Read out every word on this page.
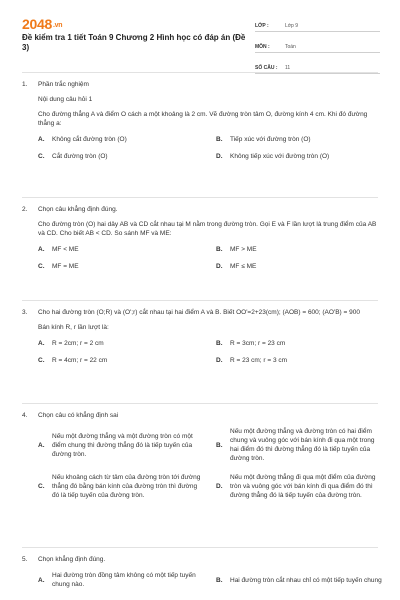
2048.vn
Đề kiểm tra 1 tiết Toán 9 Chương 2 Hình học có đáp án (Đề 3)
LỚP :	Lớp 9
MÔN :	Toán
SỐ CÂU :	11
1.	Phần trắc nghiệm
Nội dung câu hỏi 1
Cho đường thẳng A và điểm O cách a một khoảng là 2 cm. Vẽ đường tròn tâm O, đường kính 4 cm. Khi đó đường thẳng a:
A.	Không cắt đường tròn (O)	B.	Tiếp xúc với đường tròn (O)
C.	Cắt đường tròn (O)	D.	Không tiếp xúc với đường tròn (O)
2.	Chọn câu khẳng định đúng.
Cho đường tròn (O) hai dây AB và CD cắt nhau tại M nằm trong đường tròn. Gọi E và F lần lượt là trung điểm của AB và CD. Cho biết AB < CD. So sánh MF và ME:
A.	MF < ME	B.	MF > ME
C.	MF = ME	D.	MF ≤ ME
3.	Cho hai đường tròn (O;R) và (O';r) cắt nhau tại hai điểm A và B. Biết OO'=2+23(cm); (AOB) = 600; (AO'B) = 900
Bán kính R, r lần lượt là:
A.	R = 2cm; r = 2 cm	B.	R = 3cm; r = 23 cm
C.	R = 4cm; r = 22 cm	D.	R = 23 cm; r = 3 cm
4.	Chọn câu có khẳng định sai
A.
Nếu một đường thẳng và một đường tròn có một điểm chung thì đường thẳng đó là tiếp tuyến của đường tròn.
B.
Nếu một đường thẳng và đường tròn có hai điểm chung và vuông góc với bán kính đi qua một trong hai điểm đó thì đường thẳng đó là tiếp tuyến của đường tròn.
C.
Nếu khoảng cách từ tâm của đường tròn tới đường thẳng đó bằng bán kính của đường tròn thì đường đó là tiếp tuyến của đường tròn.
D.
Nếu một đường thẳng đi qua một điểm của đường tròn và vuông góc với bán kính đi qua điểm đó thì đường thẳng đó là tiếp tuyến của đường tròn.
5.	Chọn khẳng định đúng.
A.
Hai đường tròn đồng tâm không có một tiếp tuyến chung nào.
B.	Hai đường tròn cắt nhau chỉ có một tiếp tuyến chung
